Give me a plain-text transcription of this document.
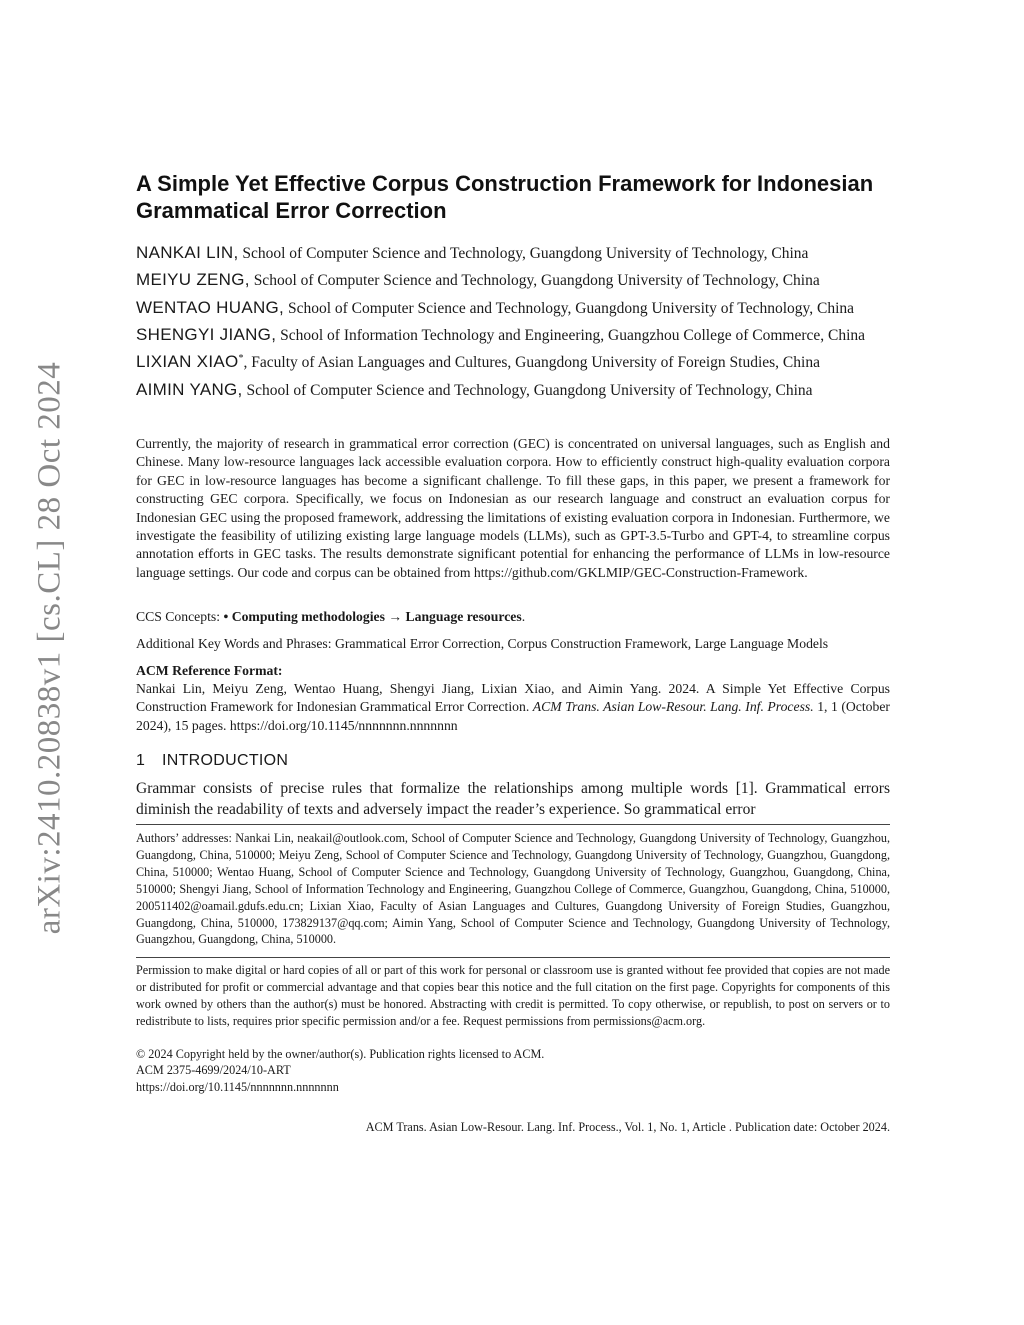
arXiv:2410.20838v1 [cs.CL] 28 Oct 2024
A Simple Yet Effective Corpus Construction Framework for Indonesian Grammatical Error Correction
NANKAI LIN, School of Computer Science and Technology, Guangdong University of Technology, China
MEIYU ZENG, School of Computer Science and Technology, Guangdong University of Technology, China
WENTAO HUANG, School of Computer Science and Technology, Guangdong University of Technology, China
SHENGYI JIANG, School of Information Technology and Engineering, Guangzhou College of Commerce, China
LIXIAN XIAO*, Faculty of Asian Languages and Cultures, Guangdong University of Foreign Studies, China
AIMIN YANG, School of Computer Science and Technology, Guangdong University of Technology, China

Currently, the majority of research in grammatical error correction (GEC) is concentrated on universal languages, such as English and Chinese. Many low-resource languages lack accessible evaluation corpora. How to efficiently construct high-quality evaluation corpora for GEC in low-resource languages has become a significant challenge. To fill these gaps, in this paper, we present a framework for constructing GEC corpora. Specifically, we focus on Indonesian as our research language and construct an evaluation corpus for Indonesian GEC using the proposed framework, addressing the limitations of existing evaluation corpora in Indonesian. Furthermore, we investigate the feasibility of utilizing existing large language models (LLMs), such as GPT-3.5-Turbo and GPT-4, to streamline corpus annotation efforts in GEC tasks. The results demonstrate significant potential for enhancing the performance of LLMs in low-resource language settings. Our code and corpus can be obtained from https://github.com/GKLMIP/GEC-Construction-Framework.

CCS Concepts: • Computing methodologies → Language resources.

Additional Key Words and Phrases: Grammatical Error Correction, Corpus Construction Framework, Large Language Models

ACM Reference Format:

Nankai Lin, Meiyu Zeng, Wentao Huang, Shengyi Jiang, Lixian Xiao, and Aimin Yang. 2024. A Simple Yet Effective Corpus Construction Framework for Indonesian Grammatical Error Correction. ACM Trans. Asian Low-Resour. Lang. Inf. Process. 1, 1 (October 2024), 15 pages. https://doi.org/10.1145/nnnnnnn.nnnnnnn

1 INTRODUCTION

Grammar consists of precise rules that formalize the relationships among multiple words [1]. Grammatical errors diminish the readability of texts and adversely impact the reader’s experience. So grammatical error

Authors’ addresses: Nankai Lin, neakail@outlook.com, School of Computer Science and Technology, Guangdong University of Technology, Guangzhou, Guangdong, China, 510000; Meiyu Zeng, School of Computer Science and Technology, Guangdong University of Technology, Guangzhou, Guangdong, China, 510000; Wentao Huang, School of Computer Science and Technology, Guangdong University of Technology, Guangzhou, Guangdong, China, 510000; Shengyi Jiang, School of Information Technology and Engineering, Guangzhou College of Commerce, Guangzhou, Guangdong, China, 510000, 200511402@oamail.gdufs.edu.cn; Lixian Xiao, Faculty of Asian Languages and Cultures, Guangdong University of Foreign Studies, Guangzhou, Guangdong, China, 510000, 173829137@qq.com; Aimin Yang, School of Computer Science and Technology, Guangdong University of Technology, Guangzhou, Guangdong, China, 510000.

Permission to make digital or hard copies of all or part of this work for personal or classroom use is granted without fee provided that copies are not made or distributed for profit or commercial advantage and that copies bear this notice and the full citation on the first page. Copyrights for components of this work owned by others than the author(s) must be honored. Abstracting with credit is permitted. To copy otherwise, or republish, to post on servers or to redistribute to lists, requires prior specific permission and/or a fee. Request permissions from permissions@acm.org.

© 2024 Copyright held by the owner/author(s). Publication rights licensed to ACM.
ACM 2375-4699/2024/10-ART
https://doi.org/10.1145/nnnnnnn.nnnnnnn

ACM Trans. Asian Low-Resour. Lang. Inf. Process., Vol. 1, No. 1, Article . Publication date: October 2024.
